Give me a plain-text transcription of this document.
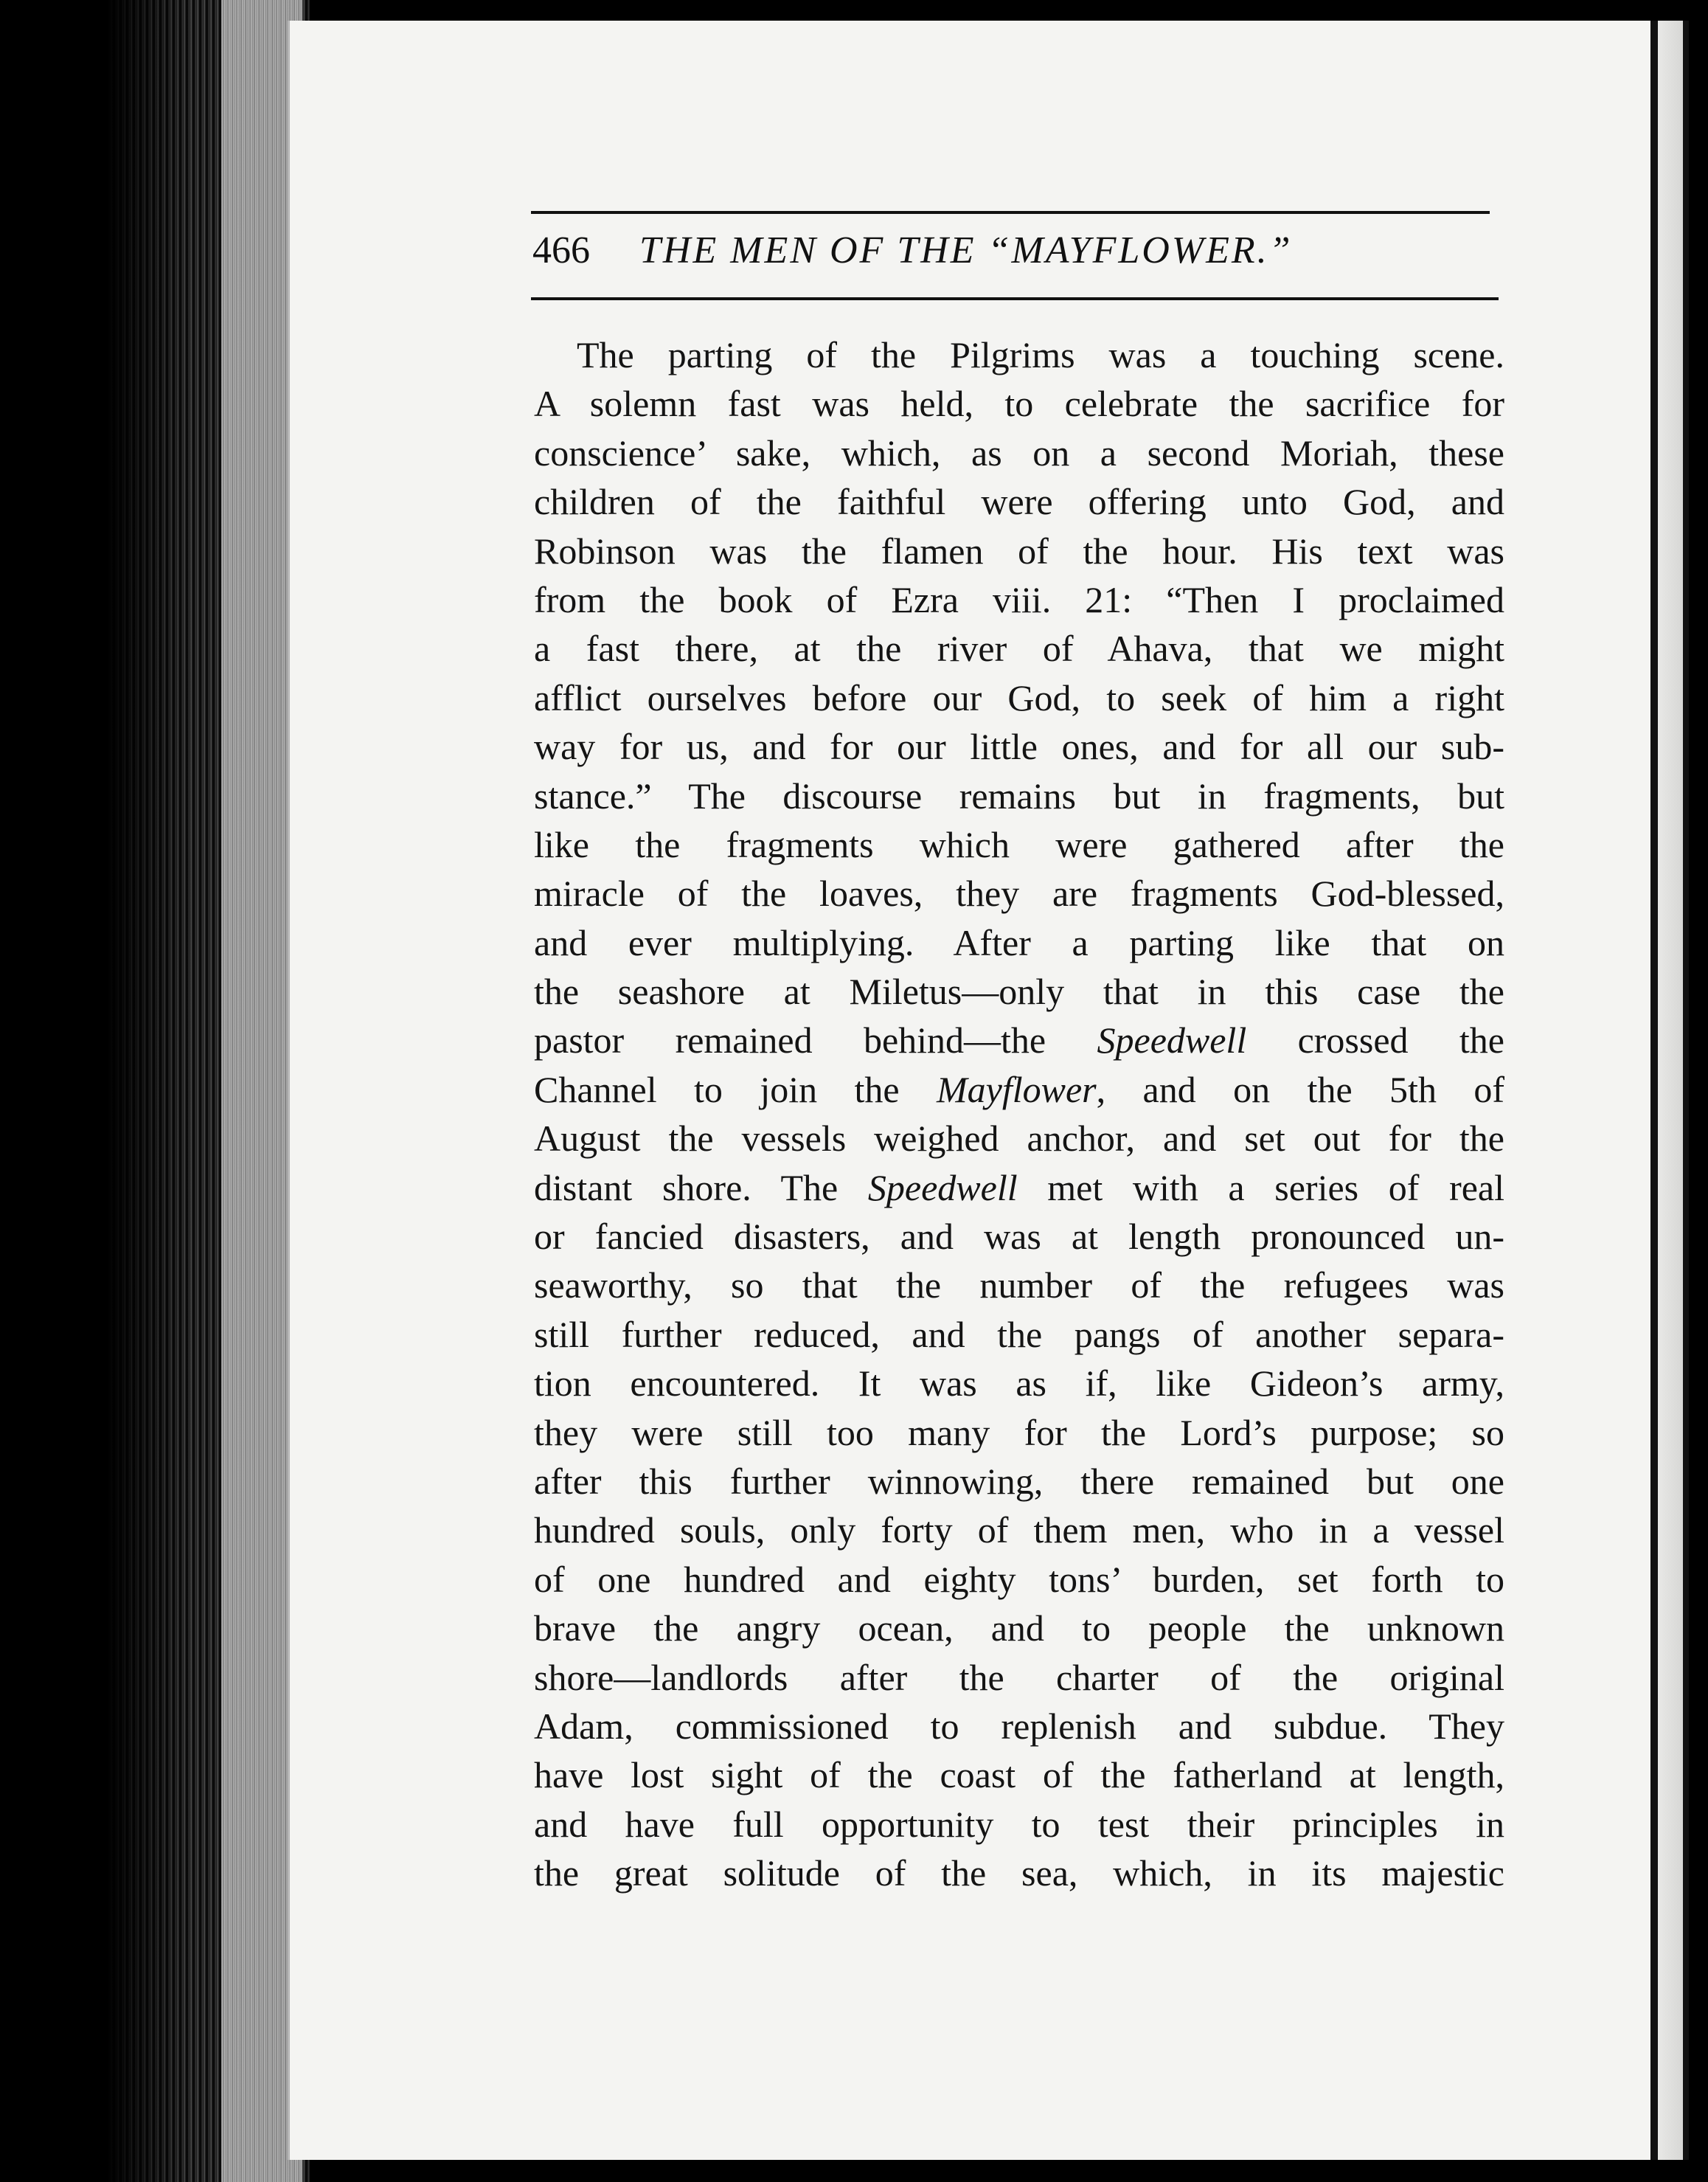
466 THE MEN OF THE “MAYFLOWER.”
The parting of the Pilgrims was a touching scene.
A solemn fast was held, to celebrate the sacrifice for
conscience’ sake, which, as on a second Moriah, these
children of the faithful were offering unto God, and
Robinson was the flamen of the hour. His text was
from the book of Ezra viii. 21: “Then I proclaimed
a fast there, at the river of Ahava, that we might
afflict ourselves before our God, to seek of him a right
way for us, and for our little ones, and for all our sub-
stance.” The discourse remains but in fragments, but
like the fragments which were gathered after the
miracle of the loaves, they are fragments God-blessed,
and ever multiplying. After a parting like that on
the seashore at Miletus—only that in this case the
pastor remained behind—the Speedwell crossed the
Channel to join the Mayflower, and on the 5th of
August the vessels weighed anchor, and set out for the
distant shore. The Speedwell met with a series of real
or fancied disasters, and was at length pronounced un-
seaworthy, so that the number of the refugees was
still further reduced, and the pangs of another separa-
tion encountered. It was as if, like Gideon’s army,
they were still too many for the Lord’s purpose; so
after this further winnowing, there remained but one
hundred souls, only forty of them men, who in a vessel
of one hundred and eighty tons’ burden, set forth to
brave the angry ocean, and to people the unknown
shore—landlords after the charter of the original
Adam, commissioned to replenish and subdue. They
have lost sight of the coast of the fatherland at length,
and have full opportunity to test their principles in
the great solitude of the sea, which, in its majestic
